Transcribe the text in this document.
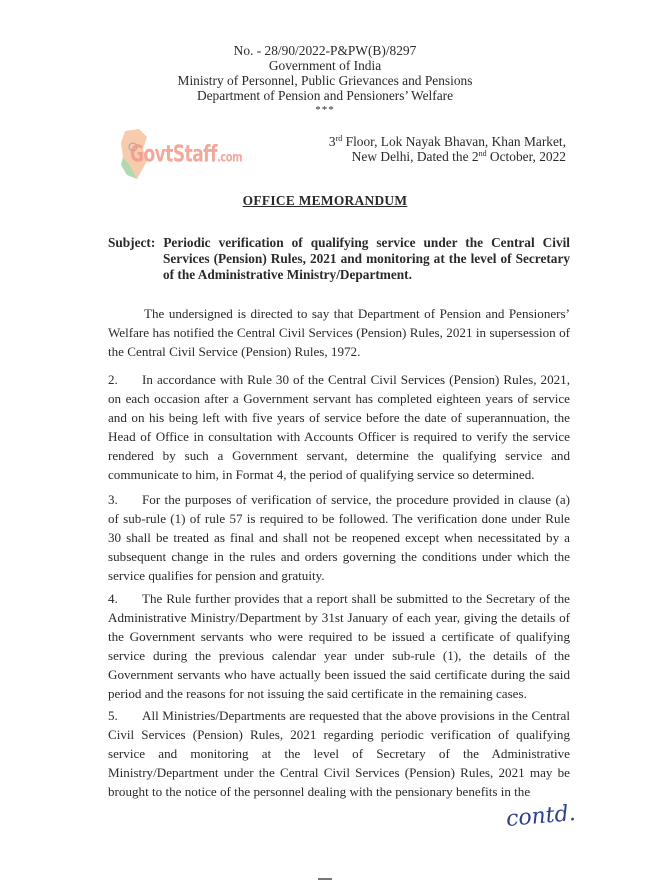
No. - 28/90/2022-P&PW(B)/8297
Government of India
Ministry of Personnel, Public Grievances and Pensions
Department of Pension and Pensioners’ Welfare
***
GovtStaff.com
3rd Floor, Lok Nayak Bhavan, Khan Market,
New Delhi, Dated the 2nd October, 2022
OFFICE MEMORANDUM
Subject: Periodic verification of qualifying service under the Central Civil Services (Pension) Rules, 2021 and monitoring at the level of Secretary of the Administrative Ministry/Department.

The undersigned is directed to say that Department of Pension and Pensioners’ Welfare has notified the Central Civil Services (Pension) Rules, 2021 in supersession of the Central Civil Service (Pension) Rules, 1972.

2. In accordance with Rule 30 of the Central Civil Services (Pension) Rules, 2021, on each occasion after a Government servant has completed eighteen years of service and on his being left with five years of service before the date of superannuation, the Head of Office in consultation with Accounts Officer is required to verify the service rendered by such a Government servant, determine the qualifying service and communicate to him, in Format 4, the period of qualifying service so determined.

3. For the purposes of verification of service, the procedure provided in clause (a) of sub-rule (1) of rule 57 is required to be followed. The verification done under Rule 30 shall be treated as final and shall not be reopened except when necessitated by a subsequent change in the rules and orders governing the conditions under which the service qualifies for pension and gratuity.

4. The Rule further provides that a report shall be submitted to the Secretary of the Administrative Ministry/Department by 31st January of each year, giving the details of the Government servants who were required to be issued a certificate of qualifying service during the previous calendar year under sub-rule (1), the details of the Government servants who have actually been issued the said certificate during the said period and the reasons for not issuing the said certificate in the remaining cases.

5. All Ministries/Departments are requested that the above provisions in the Central Civil Services (Pension) Rules, 2021 regarding periodic verification of qualifying service and monitoring at the level of Secretary of the Administrative Ministry/Department under the Central Civil Services (Pension) Rules, 2021 may be brought to the notice of the personnel dealing with the pensionary benefits in the

contd.
